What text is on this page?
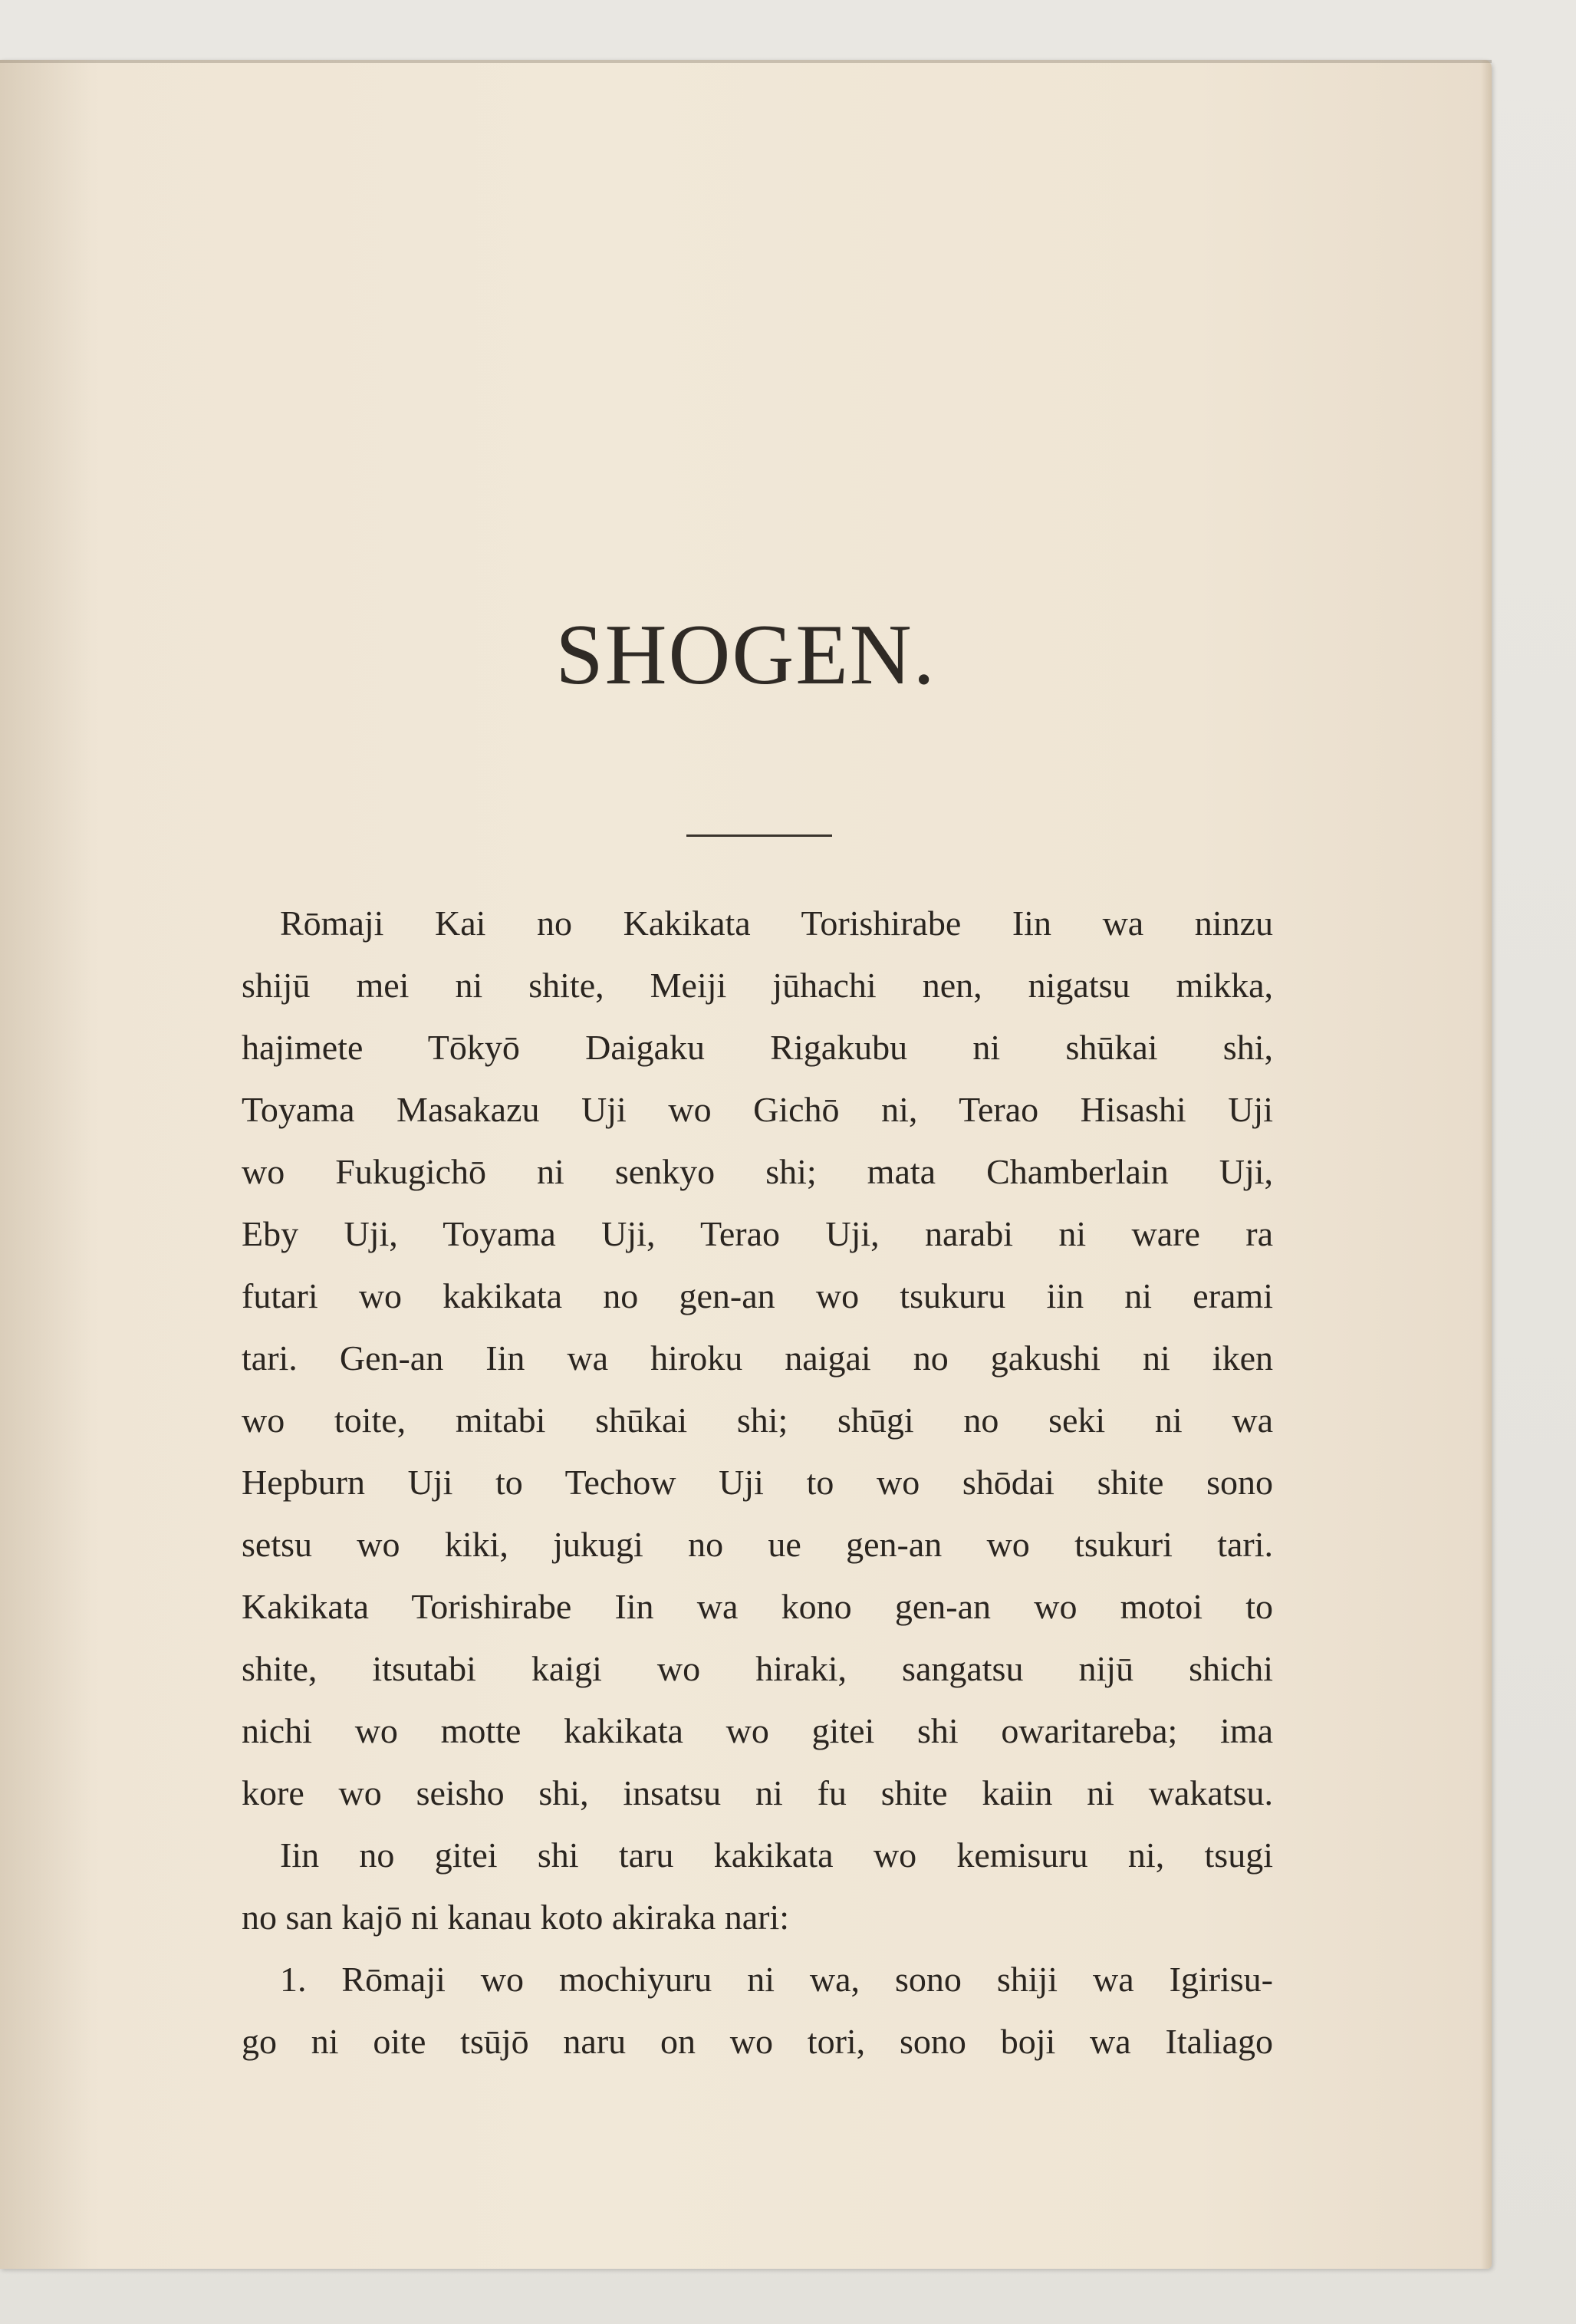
SHOGEN.
Rōmaji Kai no Kakikata Torishirabe Iin wa ninzu
shijū mei ni shite, Meiji jūhachi nen, nigatsu mikka,
hajimete Tōkyō Daigaku Rigakubu ni shūkai shi,
Toyama Masakazu Uji wo Gichō ni, Terao Hisashi Uji
wo Fukugichō ni senkyo shi; mata Chamberlain Uji,
Eby Uji, Toyama Uji, Terao Uji, narabi ni ware ra
futari wo kakikata no gen-an wo tsukuru iin ni erami
tari. Gen-an Iin wa hiroku naigai no gakushi ni iken
wo toite, mitabi shūkai shi; shūgi no seki ni wa
Hepburn Uji to Techow Uji to wo shōdai shite sono
setsu wo kiki, jukugi no ue gen-an wo tsukuri tari.
Kakikata Torishirabe Iin wa kono gen-an wo motoi to
shite, itsutabi kaigi wo hiraki, sangatsu nijū shichi
nichi wo motte kakikata wo gitei shi owaritareba; ima
kore wo seisho shi, insatsu ni fu shite kaiin ni wakatsu.
Iin no gitei shi taru kakikata wo kemisuru ni, tsugi
no san kajō ni kanau koto akiraka nari:
1. Rōmaji wo mochiyuru ni wa, sono shiji wa Igirisu-
go ni oite tsūjō naru on wo tori, sono boji wa Italiago
